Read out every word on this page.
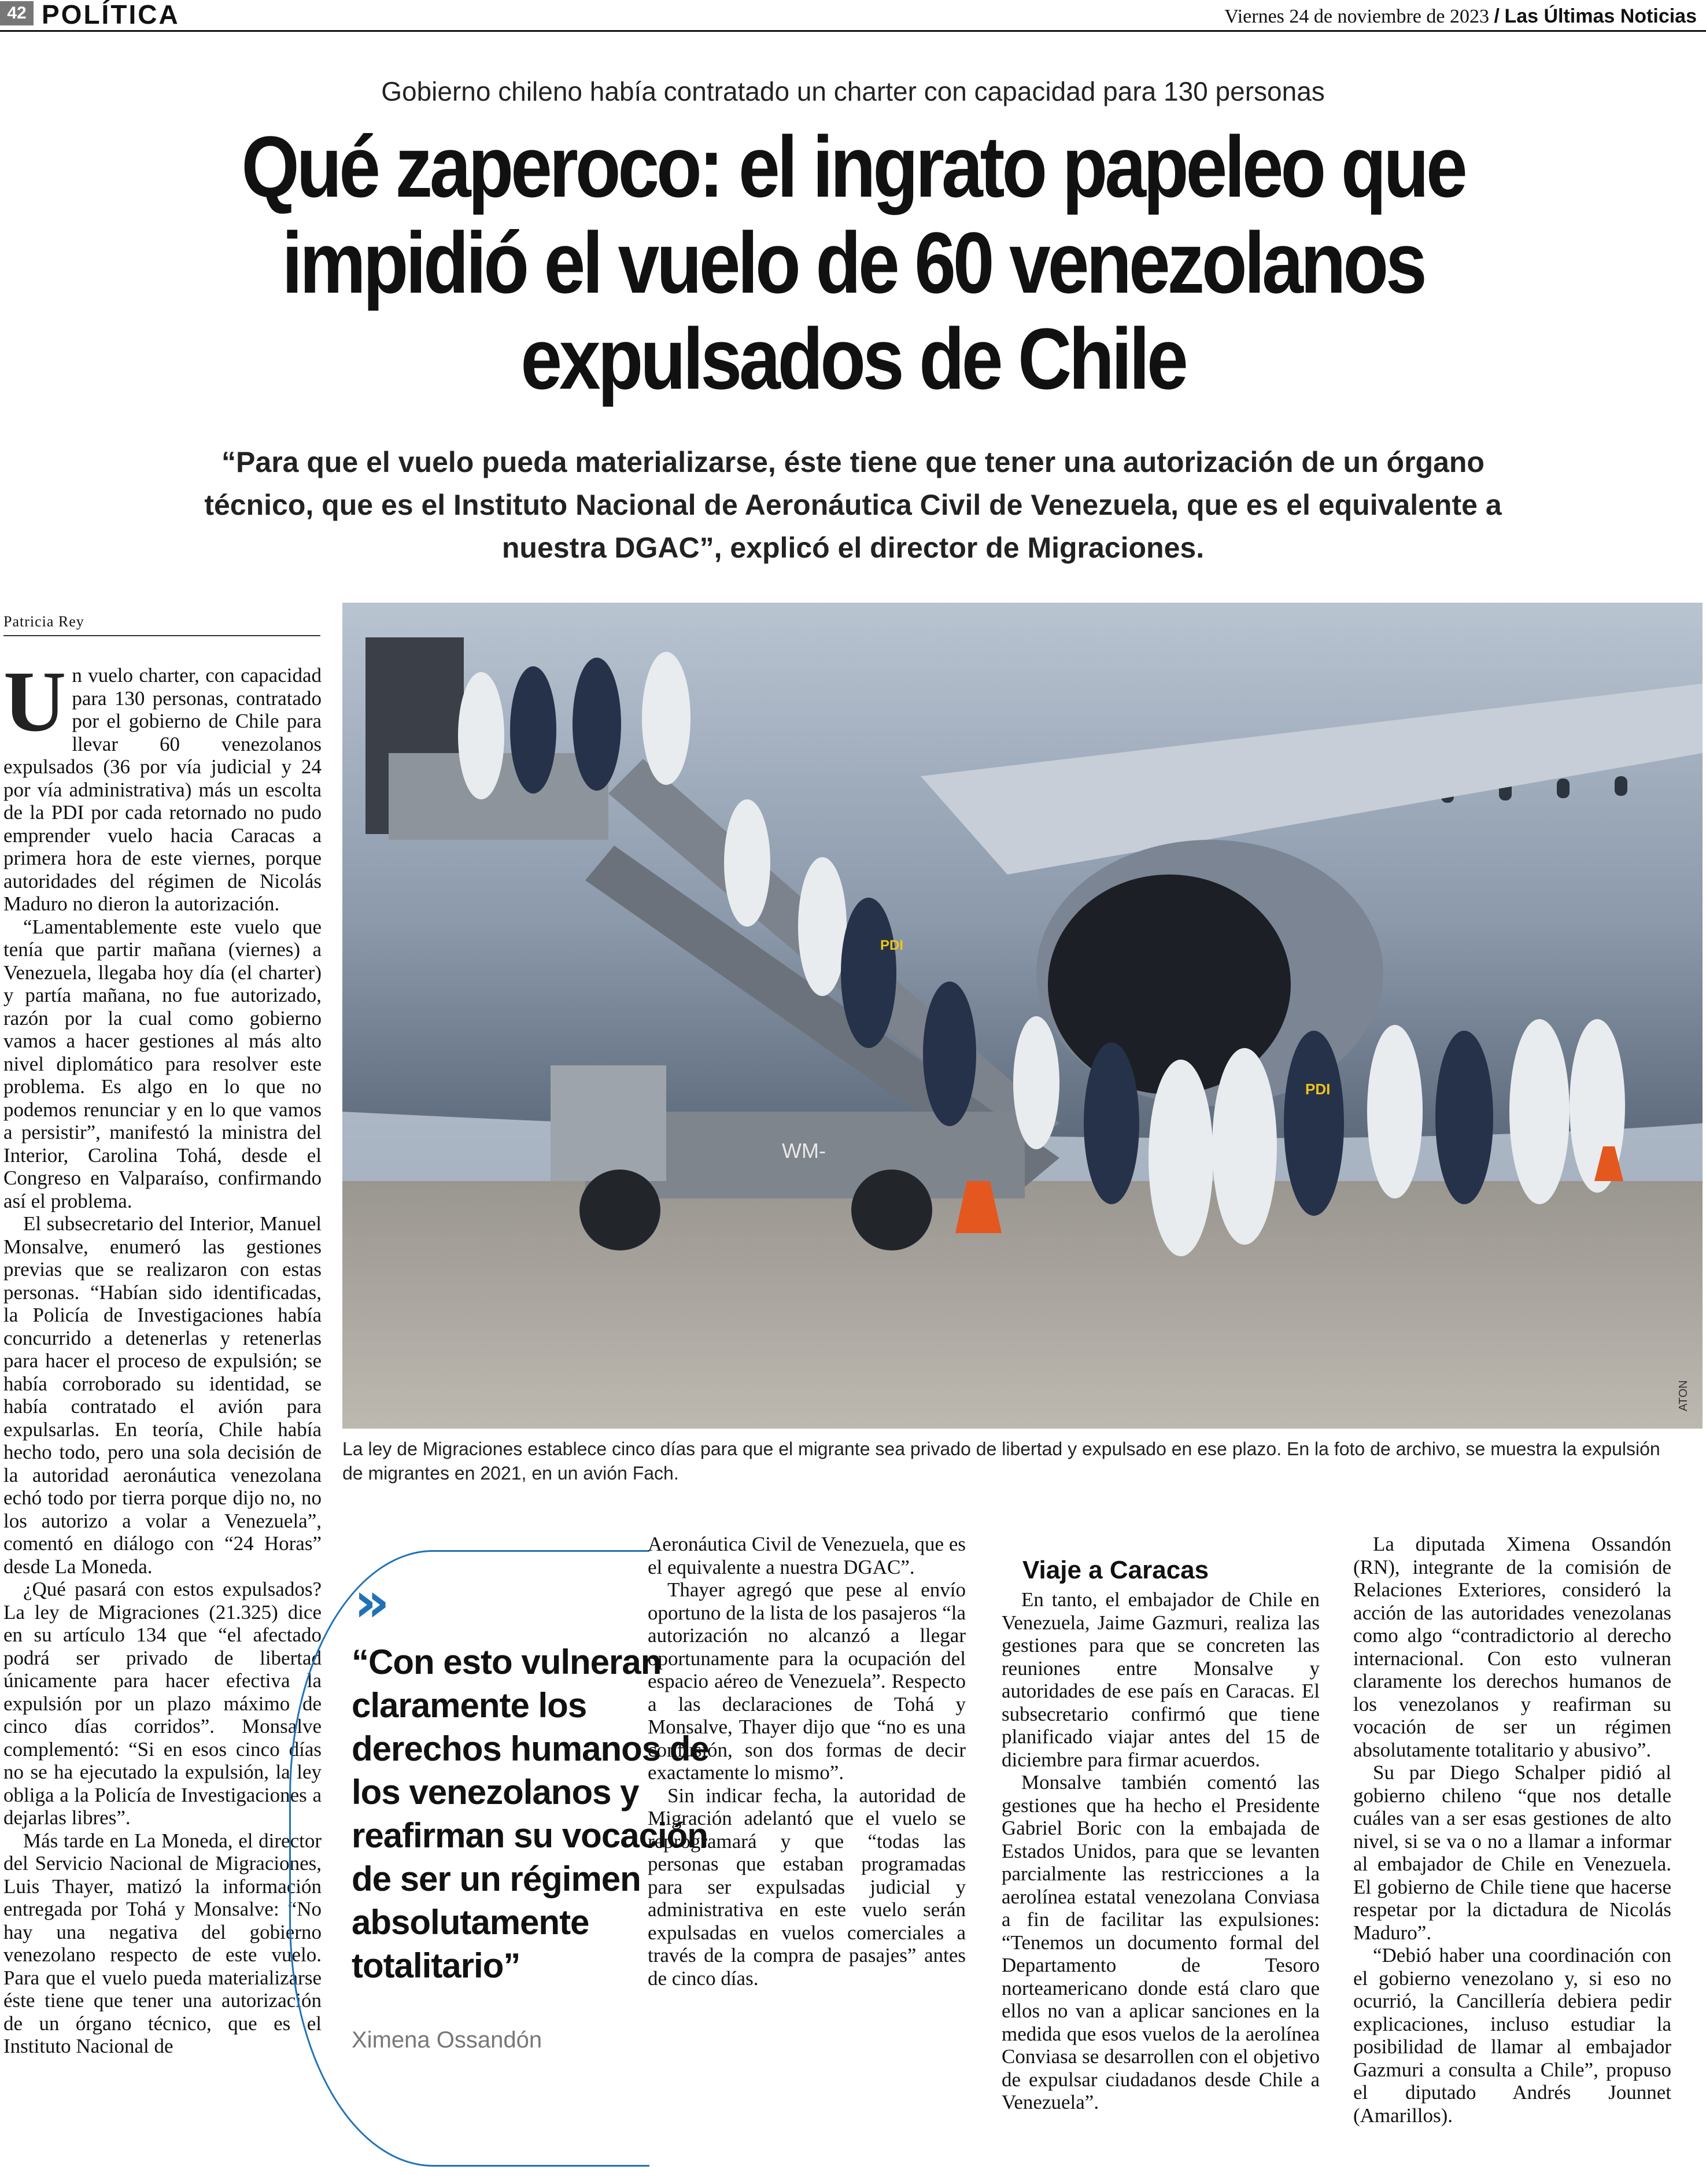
42 POLÍTICA	Viernes 24 de noviembre de 2023 / Las Últimas Noticias
Gobierno chileno había contratado un charter con capacidad para 130 personas
Qué zaperoco: el ingrato papeleo que impidió el vuelo de 60 venezolanos expulsados de Chile
“Para que el vuelo pueda materializarse, éste tiene que tener una autorización de un órgano técnico, que es el Instituto Nacional de Aeronáutica Civil de Venezuela, que es el equivalente a nuestra DGAC”, explicó el director de Migraciones.
Patricia Rey
U n vuelo charter, con capacidad para 130 personas, contratado por el gobierno de Chile para llevar 60 venezolanos expulsados (36 por vía judicial y 24 por vía administrativa) más un escolta de la PDI por cada retornado no pudo emprender vuelo hacia Caracas a primera hora de este viernes, porque autoridades del régimen de Nicolás Maduro no dieron la autorización.

“Lamentablemente este vuelo que tenía que partir mañana (viernes) a Venezuela, llegaba hoy día (el charter) y partía mañana, no fue autorizado, razón por la cual como gobierno vamos a hacer gestiones al más alto nivel diplomático para resolver este problema. Es algo en lo que no podemos renunciar y en lo que vamos a persistir”, manifestó la ministra del Interior, Carolina Tohá, desde el Congreso en Valparaíso, confirmando así el problema.

El subsecretario del Interior, Manuel Monsalve, enumeró las gestiones previas que se realizaron con estas personas. “Habían sido identificadas, la Policía de Investigaciones había concurrido a detenerlas y retenerlas para hacer el proceso de expulsión; se había corroborado su identidad, se había contratado el avión para expulsarlas. En teoría, Chile había hecho todo, pero una sola decisión de la autoridad aeronáutica venezolana echó todo por tierra porque dijo no, no los autorizo a volar a Venezuela”, comentó en diálogo con “24 Horas” desde La Moneda.

¿Qué pasará con estos expulsados? La ley de Migraciones (21.325) dice en su artículo 134 que “el afectado podrá ser privado de libertad únicamente para hacer efectiva la expulsión por un plazo máximo de cinco días corridos”. Monsalve complementó: “Si en esos cinco días no se ha ejecutado la expulsión, la ley obliga a la Policía de Investigaciones a dejarlas libres”.

Más tarde en La Moneda, el director del Servicio Nacional de Migraciones, Luis Thayer, matizó la información entregada por Tohá y Monsalve: “No hay una negativa del gobierno venezolano respecto de este vuelo. Para que el vuelo pueda materializarse éste tiene que tener una autorización de un órgano técnico, que es el Instituto Nacional de

WM-
PDI
PDI
ATON
La ley de Migraciones establece cinco días para que el migrante sea privado de libertad y expulsado en ese plazo. En la foto de archivo, se muestra la expulsión de migrantes en 2021, en un avión Fach.
»
“Con esto vulneran claramente los derechos humanos de los venezolanos y reafirman su vocación de ser un régimen absolutamente totalitario”
Ximena Ossandón

Aeronáutica Civil de Venezuela, que es el equivalente a nuestra DGAC”.

Thayer agregó que pese al envío oportuno de la lista de los pasajeros “la autorización no alcanzó a llegar oportunamente para la ocupación del espacio aéreo de Venezuela”. Respecto a las declaraciones de Tohá y Monsalve, Thayer dijo que “no es una confusión, son dos formas de decir exactamente lo mismo”.

Sin indicar fecha, la autoridad de Migración adelantó que el vuelo se reprogramará y que “todas las personas que estaban programadas para ser expulsadas judicial y administrativa en este vuelo serán expulsadas en vuelos comerciales a través de la compra de pasajes” antes de cinco días.

Viaje a Caracas

En tanto, el embajador de Chile en Venezuela, Jaime Gazmuri, realiza las gestiones para que se concreten las reuniones entre Monsalve y autoridades de ese país en Caracas. El subsecretario confirmó que tiene planificado viajar antes del 15 de diciembre para firmar acuerdos.

Monsalve también comentó las gestiones que ha hecho el Presidente Gabriel Boric con la embajada de Estados Unidos, para que se levanten parcialmente las restricciones a la aerolínea estatal venezolana Conviasa a fin de facilitar las expulsiones: “Tenemos un documento formal del Departamento de Tesoro norteamericano donde está claro que ellos no van a aplicar sanciones en la medida que esos vuelos de la aerolínea Conviasa se desarrollen con el objetivo de expulsar ciudadanos desde Chile a Venezuela”.

La diputada Ximena Ossandón (RN), integrante de la comisión de Relaciones Exteriores, consideró la acción de las autoridades venezolanas como algo “contradictorio al derecho internacional. Con esto vulneran claramente los derechos humanos de los venezolanos y reafirman su vocación de ser un régimen absolutamente totalitario y abusivo”.

Su par Diego Schalper pidió al gobierno chileno “que nos detalle cuáles van a ser esas gestiones de alto nivel, si se va o no a llamar a informar al embajador de Chile en Venezuela. El gobierno de Chile tiene que hacerse respetar por la dictadura de Nicolás Maduro”.

“Debió haber una coordinación con el gobierno venezolano y, si eso no ocurrió, la Cancillería debiera pedir explicaciones, incluso estudiar la posibilidad de llamar al embajador Gazmuri a consulta a Chile”, propuso el diputado Andrés Jounnet (Amarillos).
